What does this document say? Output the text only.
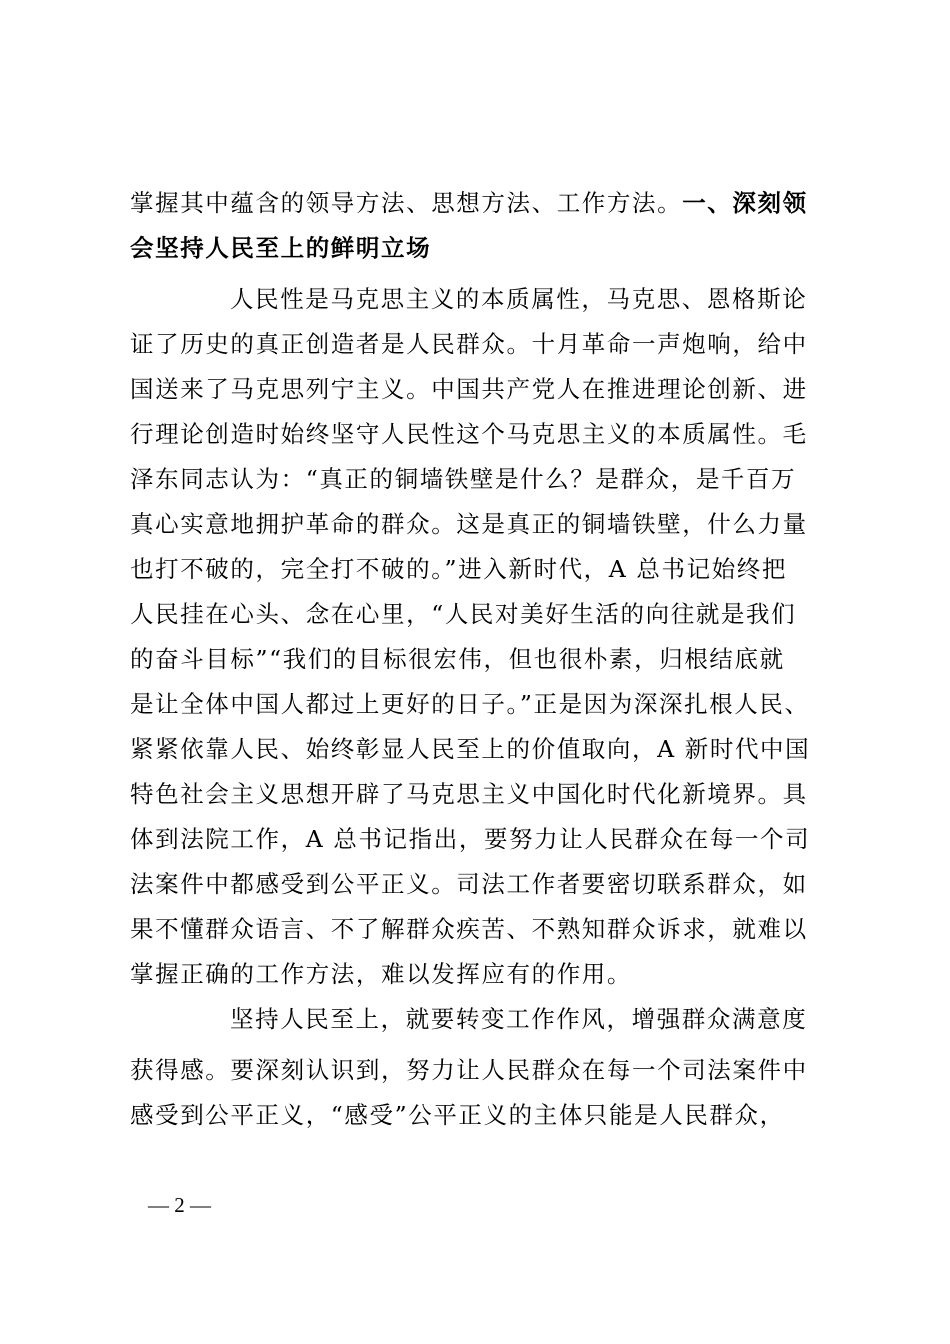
掌握其中蕴含的领导方法、思想方法、工作方法。一、深刻领
会坚持人民至上的鲜明立场
人民性是马克思主义的本质属性，马克思、恩格斯论
证了历史的真正创造者是人民群众。十月革命一声炮响，给中
国送来了马克思列宁主义。中国共产党人在推进理论创新、进
行理论创造时始终坚守人民性这个马克思主义的本质属性。毛
泽东同志认为：“真正的铜墙铁壁是什么？是群众，是千百万
真心实意地拥护革命的群众。这是真正的铜墙铁壁，什么力量
也打不破的，完全打不破的。”进入新时代，A 总书记始终把
人民挂在心头、念在心里，“人民对美好生活的向往就是我们
的奋斗目标”“我们的目标很宏伟，但也很朴素，归根结底就
是让全体中国人都过上更好的日子。”正是因为深深扎根人民、
紧紧依靠人民、始终彰显人民至上的价值取向，A 新时代中国
特色社会主义思想开辟了马克思主义中国化时代化新境界。具
体到法院工作，A 总书记指出，要努力让人民群众在每一个司
法案件中都感受到公平正义。司法工作者要密切联系群众，如
果不懂群众语言、不了解群众疾苦、不熟知群众诉求，就难以
掌握正确的工作方法，难以发挥应有的作用。
坚持人民至上，就要转变工作作风，增强群众满意度
获得感。要深刻认识到，努力让人民群众在每一个司法案件中
感受到公平正义，“感受”公平正义的主体只能是人民群众，
— 2 —
